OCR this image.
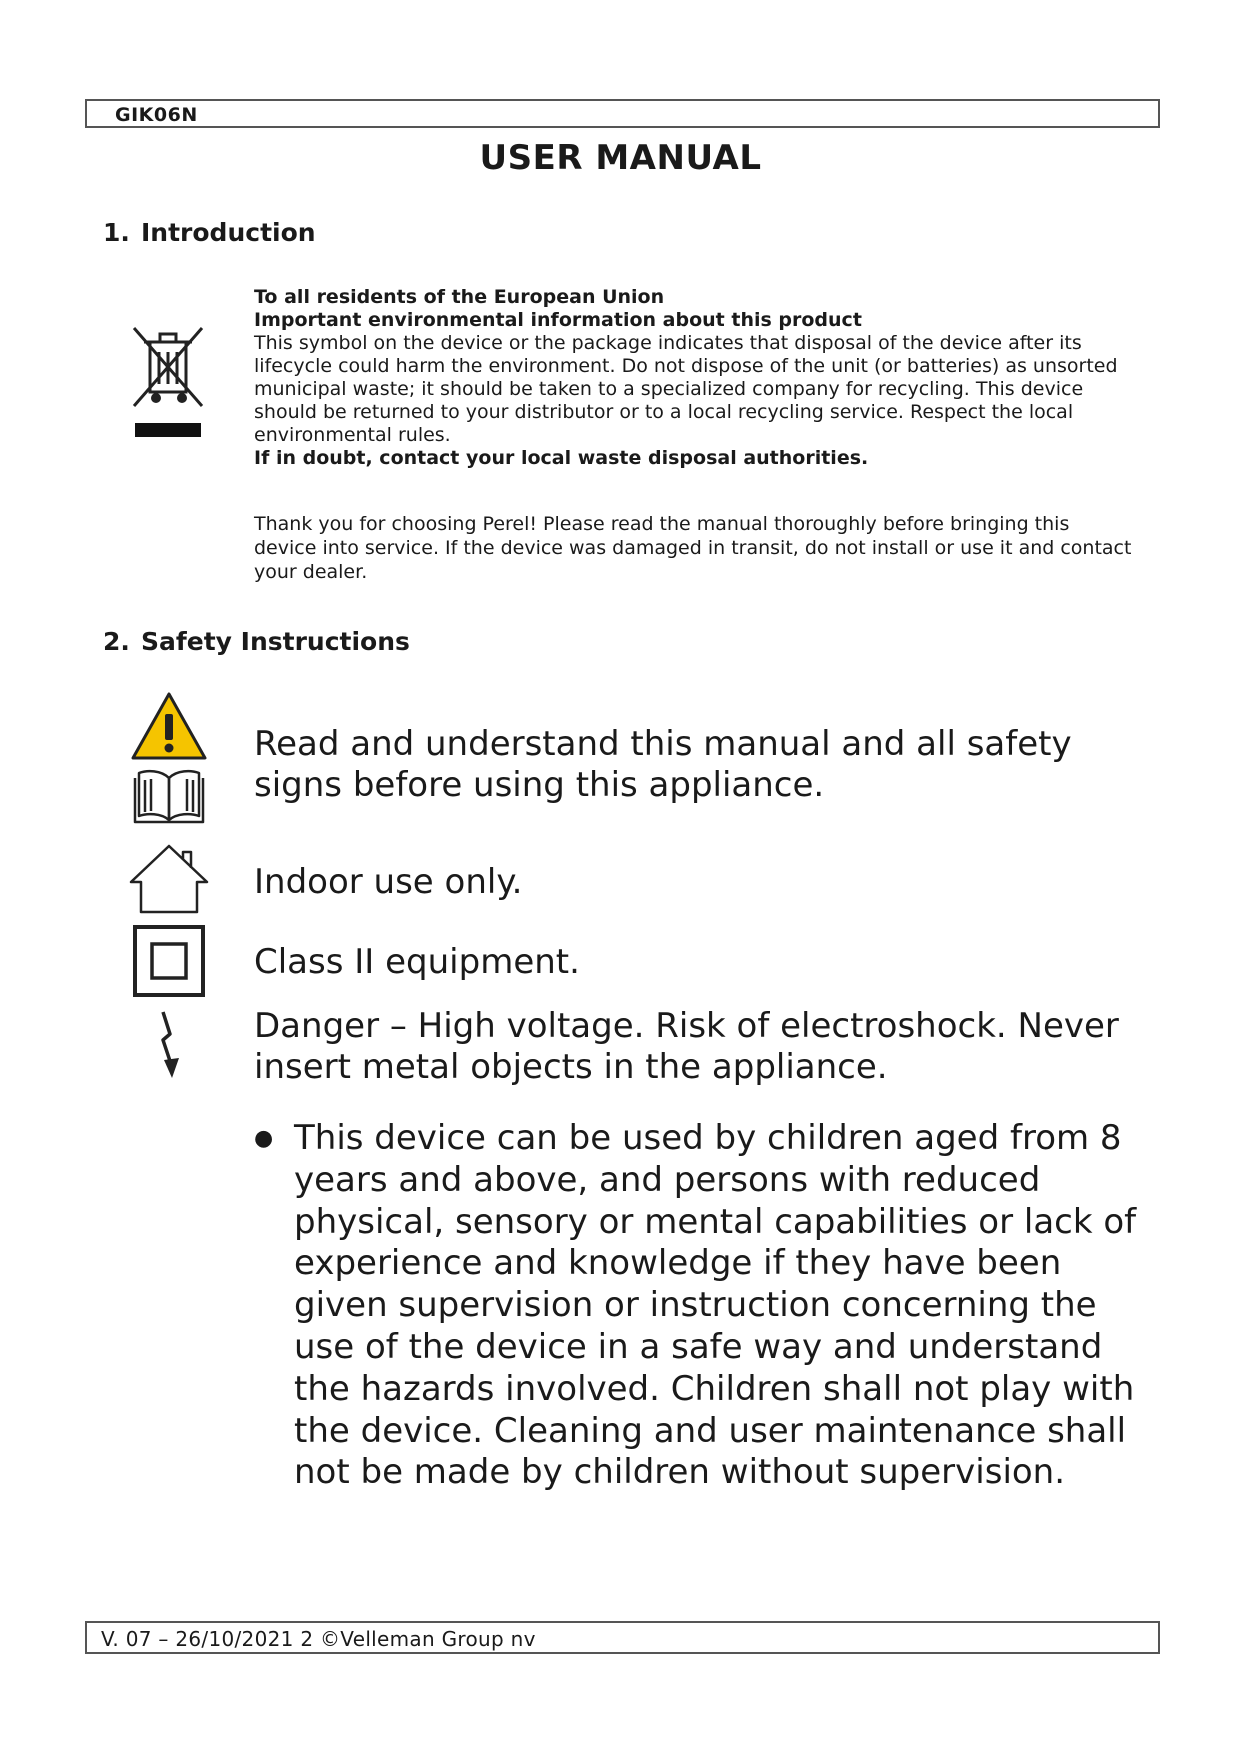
GIK06N
USER MANUAL
1. Introduction
To all residents of the European Union
Important environmental information about this product
This symbol on the device or the package indicates that disposal of the device after its lifecycle could harm the environment. Do not dispose of the unit (or batteries) as unsorted municipal waste; it should be taken to a specialized company for recycling. This device should be returned to your distributor or to a local recycling service. Respect the local environmental rules.
If in doubt, contact your local waste disposal authorities.
Thank you for choosing Perel! Please read the manual thoroughly before bringing this device into service. If the device was damaged in transit, do not install or use it and contact your dealer.
2. Safety Instructions
Read and understand this manual and all safety signs before using this appliance.
Indoor use only.
Class II equipment.
Danger – High voltage. Risk of electroshock. Never insert metal objects in the appliance.
● This device can be used by children aged from 8 years and above, and persons with reduced physical, sensory or mental capabilities or lack of experience and knowledge if they have been given supervision or instruction concerning the use of the device in a safe way and understand the hazards involved. Children shall not play with the device. Cleaning and user maintenance shall not be made by children without supervision.
V. 07 – 26/10/2021 2 ©Velleman Group nv
